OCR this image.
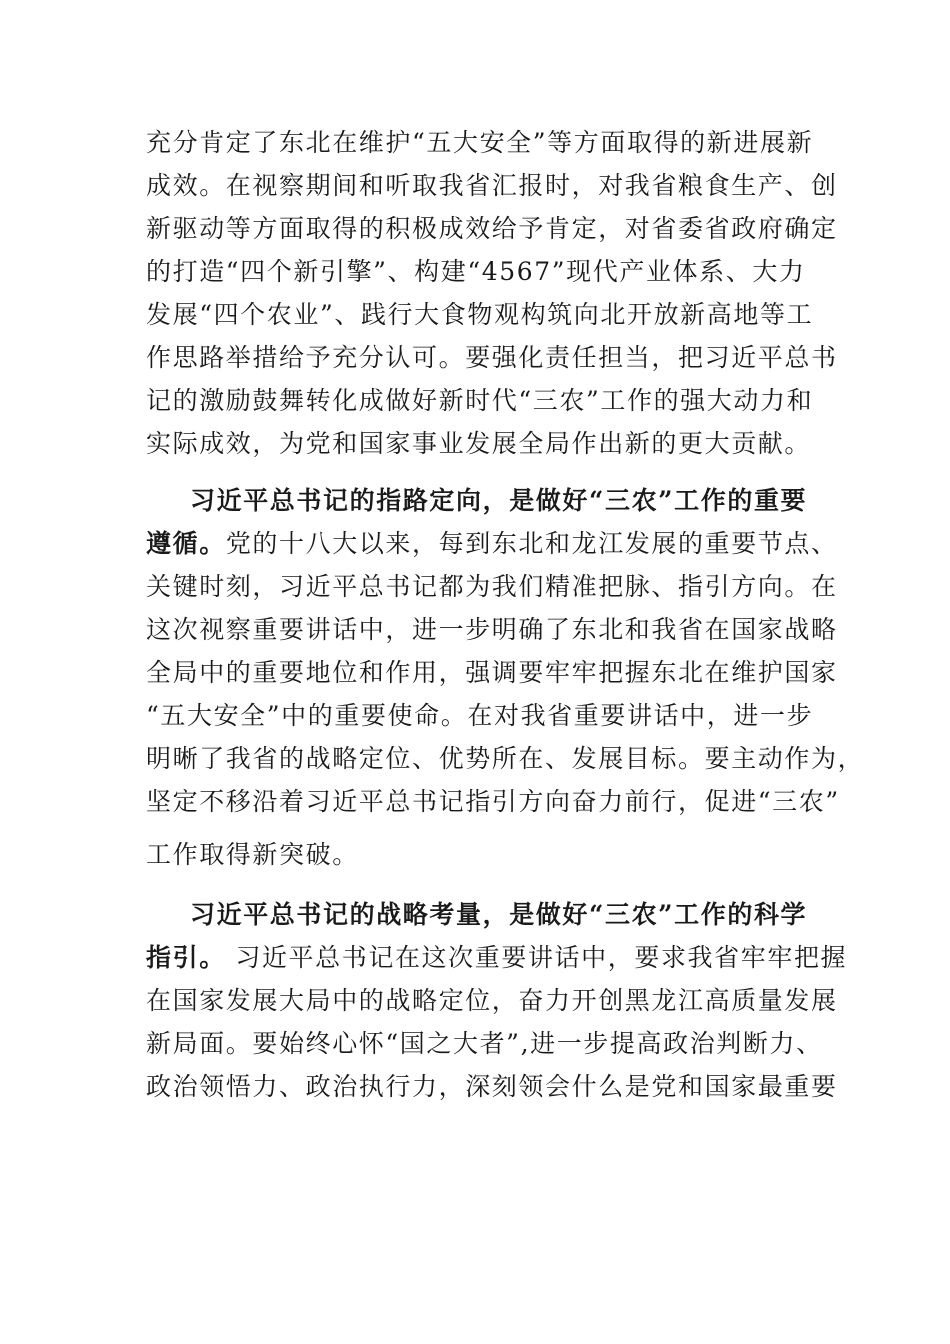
充分肯定了东北在维护“五大安全”等方面取得的新进展新
成效。在视察期间和听取我省汇报时，对我省粮食生产、创
新驱动等方面取得的积极成效给予肯定，对省委省政府确定
的打造“四个新引擎”、构建“4567”现代产业体系、大力
发展“四个农业”、践行大食物观构筑向北开放新高地等工
作思路举措给予充分认可。要强化责任担当，把习近平总书
记的激励鼓舞转化成做好新时代“三农”工作的强大动力和
实际成效，为党和国家事业发展全局作出新的更大贡献。
习近平总书记的指路定向，是做好“三农”工作的重要
遵循。党的十八大以来，每到东北和龙江发展的重要节点、
关键时刻，习近平总书记都为我们精准把脉、指引方向。在
这次视察重要讲话中，进一步明确了东北和我省在国家战略
全局中的重要地位和作用，强调要牢牢把握东北在维护国家
“五大安全”中的重要使命。在对我省重要讲话中，进一步
明晰了我省的战略定位、优势所在、发展目标。要主动作为，
坚定不移沿着习近平总书记指引方向奋力前行，促进“三农”
工作取得新突破。
习近平总书记的战略考量，是做好“三农”工作的科学
指引。 习近平总书记在这次重要讲话中，要求我省牢牢把握
在国家发展大局中的战略定位，奋力开创黑龙江高质量发展
新局面。要始终心怀“国之大者”,进一步提高政治判断力、
政治领悟力、政治执行力，深刻领会什么是党和国家最重要
